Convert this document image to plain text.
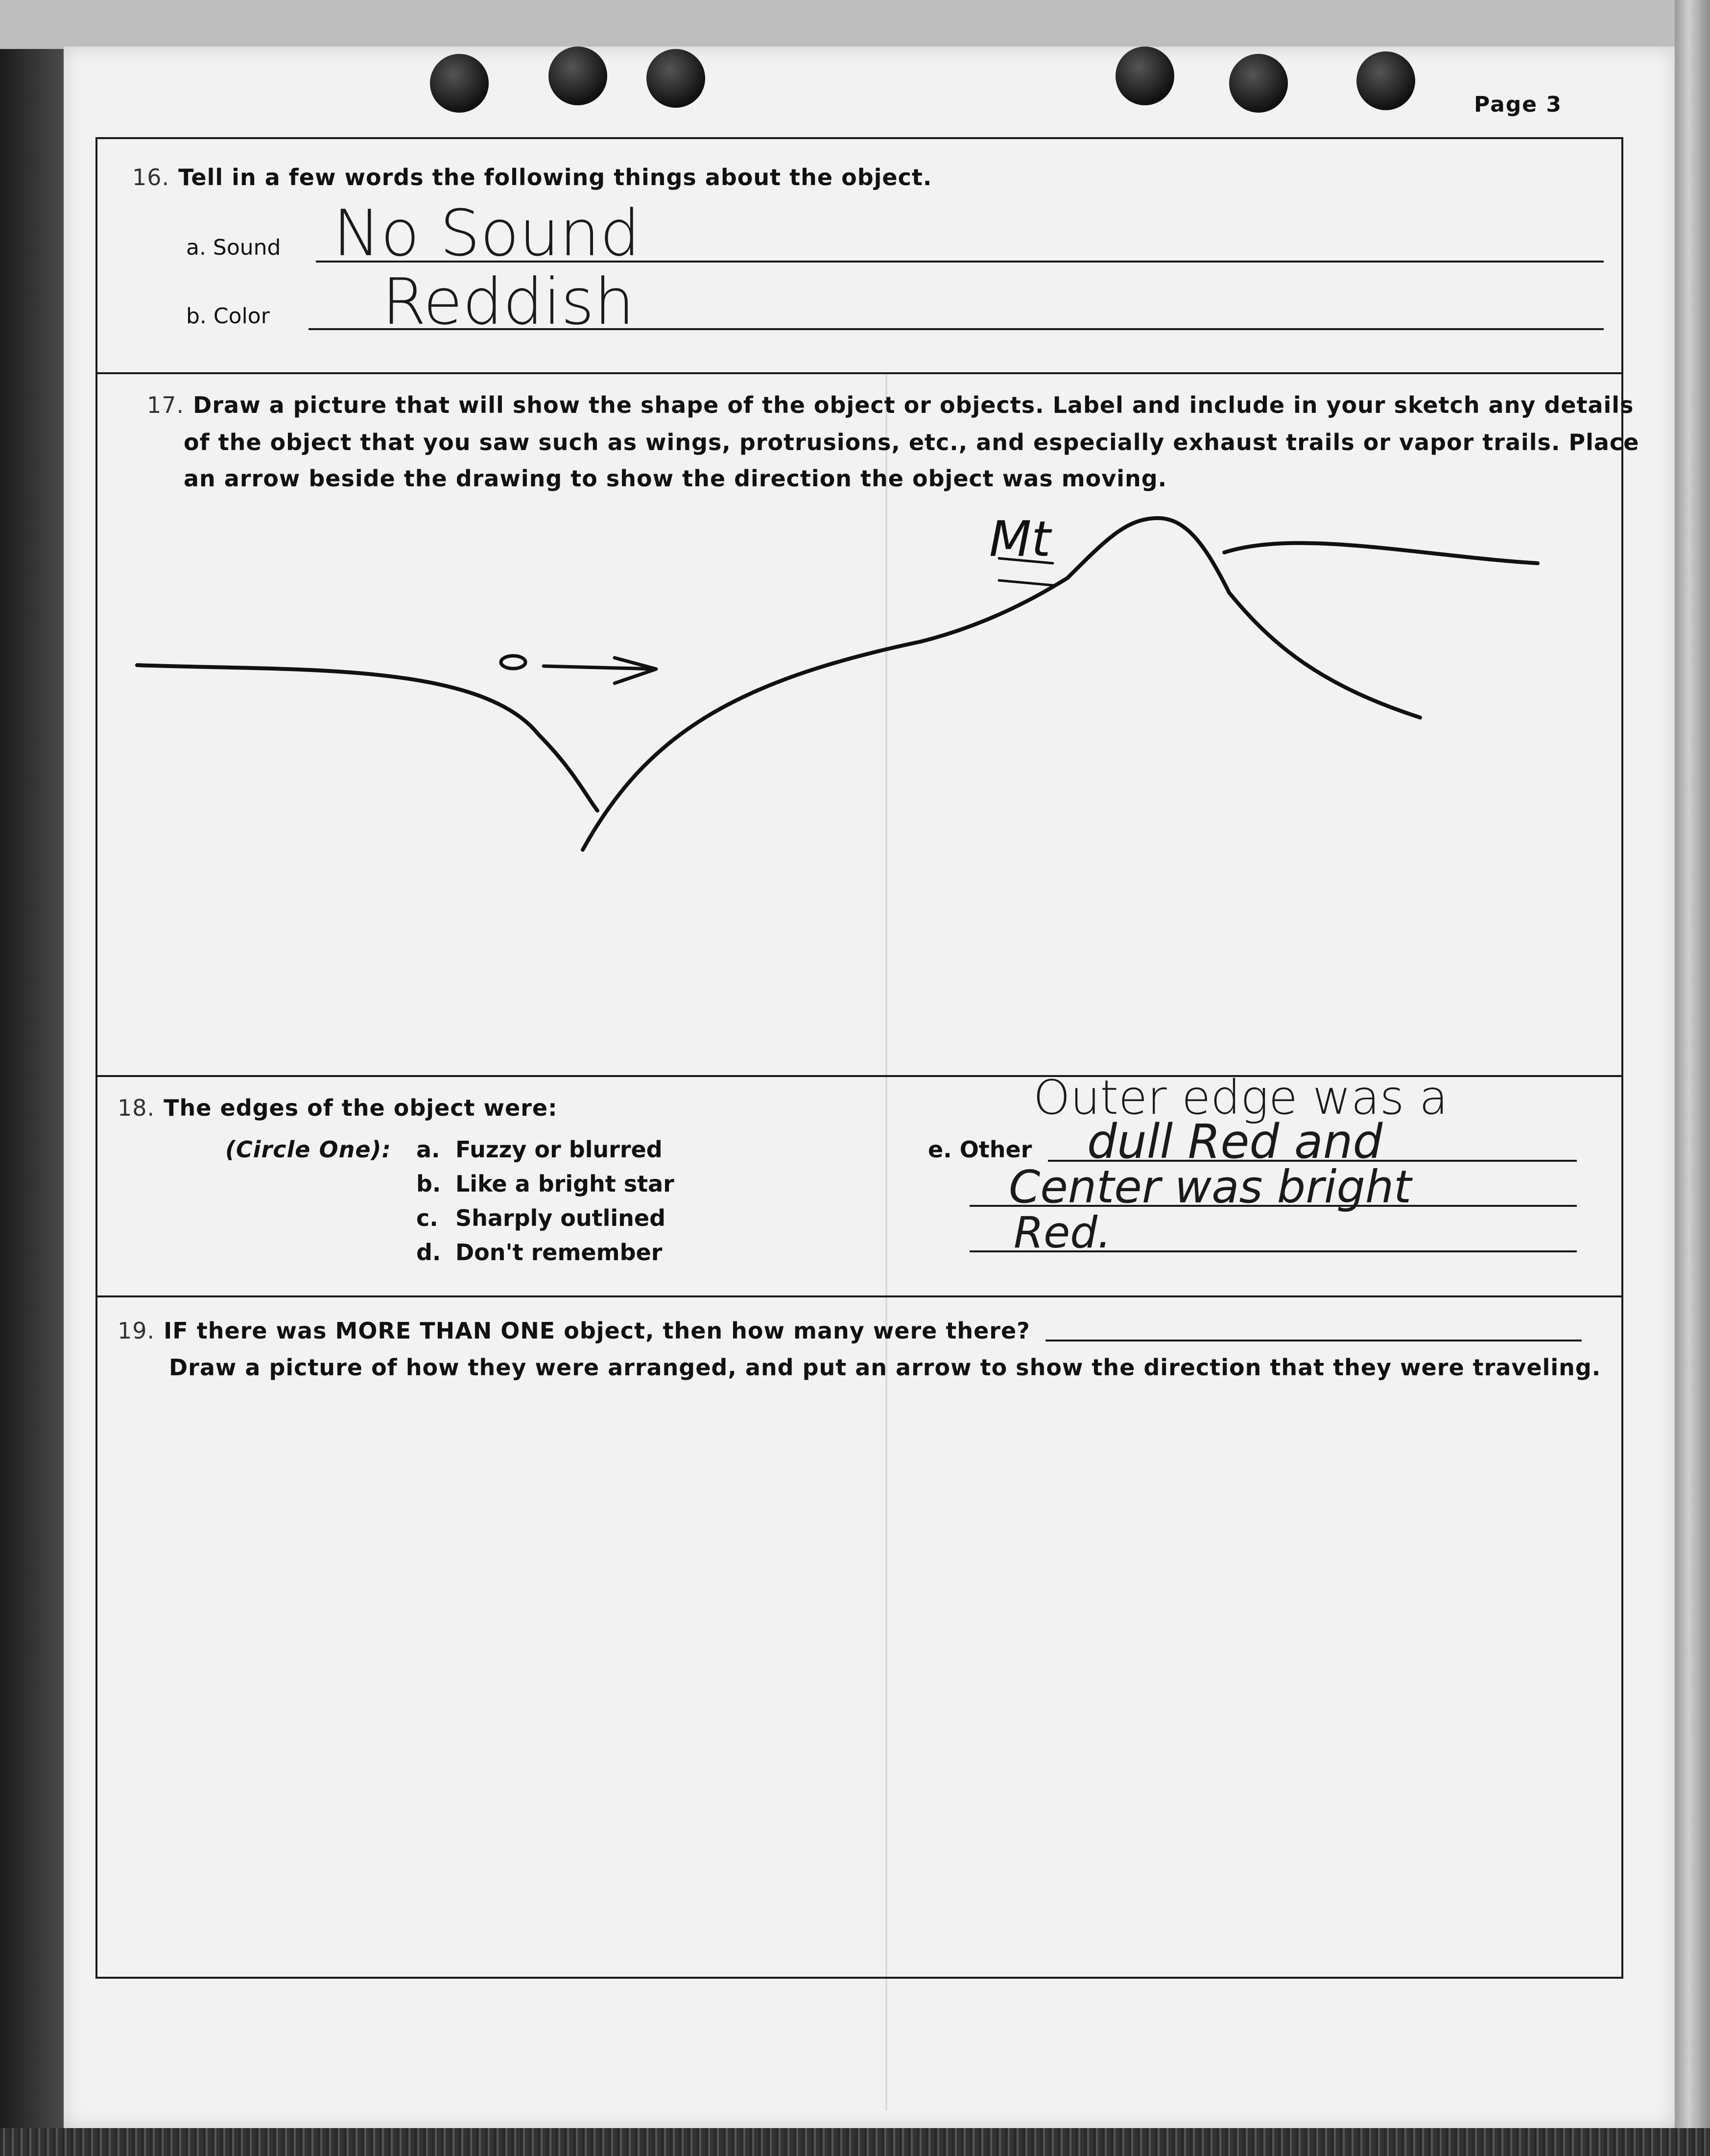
Page 3
16. Tell in a few words the following things about the object.
a. Sound No Sound
b. Color Reddish
17. Draw a picture that will show the shape of the object or objects. Label and include in your sketch any details
of the object that you saw such as wings, protrusions, etc., and especially exhaust trails or vapor trails. Place
an arrow beside the drawing to show the direction the object was moving.
Mt
18. The edges of the object were:
(Circle One): a. Fuzzy or blurred
b. Like a bright star
c. Sharply outlined
d. Don't remember
e. Other
Outer edge was a
dull Red and
Center was bright
Red.
19. IF there was MORE THAN ONE object, then how many were there?
Draw a picture of how they were arranged, and put an arrow to show the direction that they were traveling.
